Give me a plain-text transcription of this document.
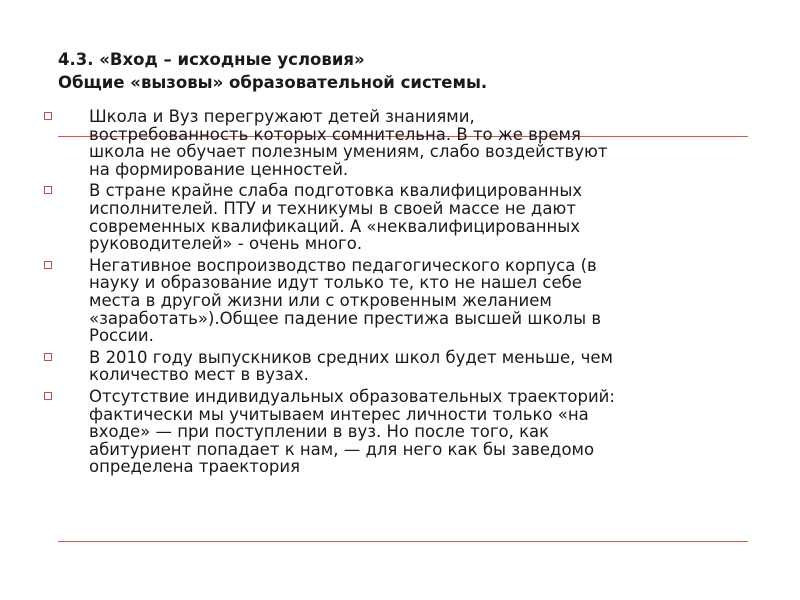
4.3. «Вход – исходные условия»
Общие «вызовы» образовательной системы.
Школа и Вуз перегружают детей знаниями,
востребованность которых сомнительна. В то же время
школа не обучает полезным умениям, слабо воздействуют
на формирование ценностей.
В стране крайне слаба подготовка квалифицированных
исполнителей. ПТУ и техникумы в своей массе не дают
современных квалификаций. А «неквалифицированных
руководителей» - очень много.
Негативное воспроизводство педагогического корпуса (в
науку и образование идут только те, кто не нашел себе
места в другой жизни или с откровенным желанием
«заработать»).Общее падение престижа высшей школы в
России.
В 2010 году выпускников средних школ будет меньше, чем
количество мест в вузах.
Отсутствие индивидуальных образовательных траекторий:
фактически мы учитываем интерес личности только «на
входе» — при поступлении в вуз. Но после того, как
абитуриент попадает к нам, — для него как бы заведомо
определена траектория
